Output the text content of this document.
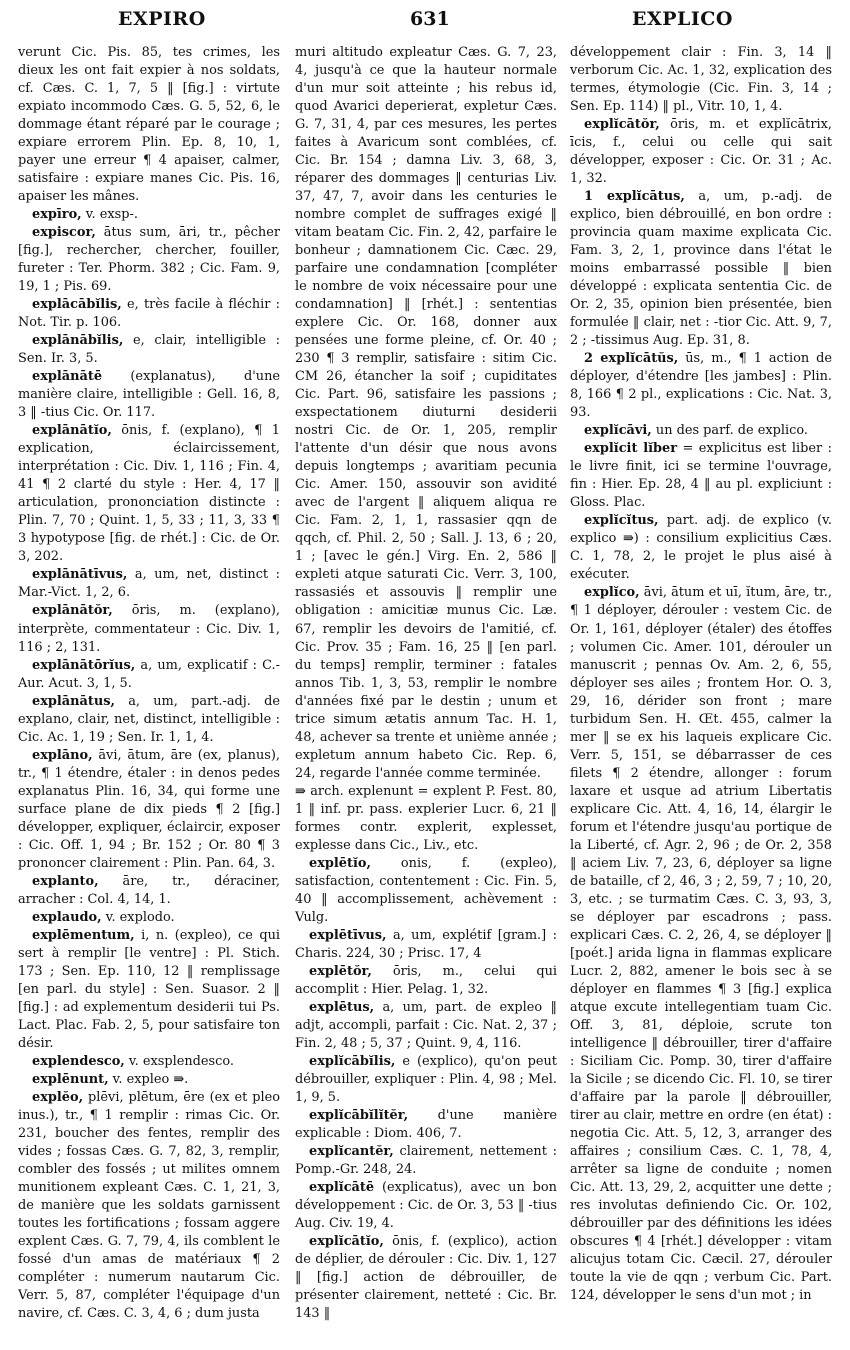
EXPIRO	631	EXPLICO

verunt Cic. Pis. 85, tes crimes, les dieux les ont fait expier à nos soldats, cf. Cæs. C. 1, 7, 5 ‖ [fig.] : virtute expiato incommodo Cæs. G. 5, 52, 6, le dommage étant réparé par le courage ; expiare errorem Plin. Ep. 8, 10, 1, payer une erreur ¶ 4 apaiser, calmer, satisfaire : expiare manes Cic. Pis. 16, apaiser les mânes.

expīro, v. exsp-.

expiscor, ātus sum, āri, tr., pêcher [fig.], rechercher, chercher, fouiller, fureter : Ter. Phorm. 382 ; Cic. Fam. 9, 19, 1 ; Pis. 69.

explācābĭlis, e, très facile à fléchir : Not. Tir. p. 106.

explānābĭlis, e, clair, intelligible : Sen. Ir. 3, 5.

explānātē (explanatus), d'une manière claire, intelligible : Gell. 16, 8, 3 ‖ -tius Cic. Or. 117.

explānātĭo, ōnis, f. (explano), ¶ 1 explication, éclaircissement, interprétation : Cic. Div. 1, 116 ; Fin. 4, 41 ¶ 2 clarté du style : Her. 4, 17 ‖ articulation, prononciation distincte : Plin. 7, 70 ; Quint. 1, 5, 33 ; 11, 3, 33 ¶ 3 hypotypose [fig. de rhét.] : Cic. de Or. 3, 202.

explānātīvus, a, um, net, distinct : Mar.-Vict. 1, 2, 6.

explānātŏr, ōris, m. (explano), interprète, commentateur : Cic. Div. 1, 116 ; 2, 131.

explānātōrĭus, a, um, explicatif : C.-Aur. Acut. 3, 1, 5.

explānātus, a, um, part.-adj. de explano, clair, net, distinct, intelligible : Cic. Ac. 1, 19 ; Sen. Ir. 1, 1, 4.

explāno, āvi, ātum, āre (ex, planus), tr., ¶ 1 étendre, étaler : in denos pedes explanatus Plin. 16, 34, qui forme une surface plane de dix pieds ¶ 2 [fig.] développer, expliquer, éclaircir, exposer : Cic. Off. 1, 94 ; Br. 152 ; Or. 80 ¶ 3 prononcer clairement : Plin. Pan. 64, 3.

explanto, āre, tr., déraciner, arracher : Col. 4, 14, 1.

explaudo, v. explodo.

explēmentum, i, n. (expleo), ce qui sert à remplir [le ventre] : Pl. Stich. 173 ; Sen. Ep. 110, 12 ‖ remplissage [en parl. du style] : Sen. Suasor. 2 ‖ [fig.] : ad explementum desiderii tui Ps. Lact. Plac. Fab. 2, 5, pour satisfaire ton désir.

explendesco, v. exsplendesco.

explēnunt, v. expleo ⇛.

explĕo, plēvi, plētum, ēre (ex et pleo inus.), tr., ¶ 1 remplir : rimas Cic. Or. 231, boucher des fentes, remplir des vides ; fossas Cæs. G. 7, 82, 3, remplir, combler des fossés ; ut milites omnem munitionem expleant Cæs. C. 1, 21, 3, de manière que les soldats garnissent toutes les fortifications ; fossam aggere explent Cæs. G. 7, 79, 4, ils comblent le fossé d'un amas de matériaux ¶ 2 compléter : numerum nautarum Cic. Verr. 5, 87, compléter l'équipage d'un navire, cf. Cæs. C. 3, 4, 6 ; dum justa

muri altitudo expleatur Cæs. G. 7, 23, 4, jusqu'à ce que la hauteur normale d'un mur soit atteinte ; his rebus id, quod Avarici deperierat, expletur Cæs. G. 7, 31, 4, par ces mesures, les pertes faites à Avaricum sont comblées, cf. Cic. Br. 154 ; damna Liv. 3, 68, 3, réparer des dommages ‖ centurias Liv. 37, 47, 7, avoir dans les centuries le nombre complet de suffrages exigé ‖ vitam beatam Cic. Fin. 2, 42, parfaire le bonheur ; damnationem Cic. Cæc. 29, parfaire une condamnation [compléter le nombre de voix nécessaire pour une condamnation] ‖ [rhét.] : sententias explere Cic. Or. 168, donner aux pensées une forme pleine, cf. Or. 40 ; 230 ¶ 3 remplir, satisfaire : sitim Cic. CM 26, étancher la soif ; cupiditates Cic. Part. 96, satisfaire les passions ; exspectationem diuturni desiderii nostri Cic. de Or. 1, 205, remplir l'attente d'un désir que nous avons depuis longtemps ; avaritiam pecunia Cic. Amer. 150, assouvir son avidité avec de l'argent ‖ aliquem aliqua re Cic. Fam. 2, 1, 1, rassasier qqn de qqch, cf. Phil. 2, 50 ; Sall. J. 13, 6 ; 20, 1 ; [avec le gén.] Virg. En. 2, 586 ‖ expleti atque saturati Cic. Verr. 3, 100, rassasiés et assouvis ‖ remplir une obligation : amicitiæ munus Cic. Læ. 67, remplir les devoirs de l'amitié, cf. Cic. Prov. 35 ; Fam. 16, 25 ‖ [en parl. du temps] remplir, terminer : fatales annos Tib. 1, 3, 53, remplir le nombre d'années fixé par le destin ; unum et trice simum ætatis annum Tac. H. 1, 48, achever sa trente et unième année ; expletum annum habeto Cic. Rep. 6, 24, regarde l'année comme terminée.

⇛ arch. explenunt = explent P. Fest. 80, 1 ‖ inf. pr. pass. explerier Lucr. 6, 21 ‖ formes contr. explerit, explesset, explesse dans Cic., Liv., etc.

explētĭo, onis, f. (expleo), satisfaction, contentement : Cic. Fin. 5, 40 ‖ accomplissement, achèvement : Vulg.

explētīvus, a, um, explétif [gram.] : Charis. 224, 30 ; Prisc. 17, 4

explētŏr, ōris, m., celui qui accomplit : Hier. Pelag. 1, 32.

explētus, a, um, part. de expleo ‖ adjt, accompli, parfait : Cic. Nat. 2, 37 ; Fin. 2, 48 ; 5, 37 ; Quint. 9, 4, 116.

explĭcābĭlis, e (explico), qu'on peut débrouiller, expliquer : Plin. 4, 98 ; Mel. 1, 9, 5.

explĭcābĭlĭtĕr, d'une manière explicable : Diom. 406, 7.

explĭcantĕr, clairement, nettement : Pomp.-Gr. 248, 24.

explĭcātē (explicatus), avec un bon développement : Cic. de Or. 3, 53 ‖ -tius Aug. Civ. 19, 4.

explĭcātĭo, ōnis, f. (explico), action de déplier, de dérouler : Cic. Div. 1, 127 ‖ [fig.] action de débrouiller, de présenter clairement, netteté : Cic. Br. 143 ‖

développement clair : Fin. 3, 14 ‖ verborum Cic. Ac. 1, 32, explication des termes, étymologie (Cic. Fin. 3, 14 ; Sen. Ep. 114) ‖ pl., Vitr. 10, 1, 4.

explĭcātŏr, ōris, m. et explĭcātrix, īcis, f., celui ou celle qui sait développer, exposer : Cic. Or. 31 ; Ac. 1, 32.

1 explĭcātus, a, um, p.-adj. de explico, bien débrouillé, en bon ordre : provincia quam maxime explicata Cic. Fam. 3, 2, 1, province dans l'état le moins embarrassé possible ‖ bien développé : explicata sententia Cic. de Or. 2, 35, opinion bien présentée, bien formulée ‖ clair, net : -tior Cic. Att. 9, 7, 2 ; -tissimus Aug. Ep. 31, 8.

2 explĭcātŭs, ūs, m., ¶ 1 action de déployer, d'étendre [les jambes] : Plin. 8, 166 ¶ 2 pl., explications : Cic. Nat. 3, 93.

explĭcāvi, un des parf. de explico.

explĭcit lĭber = explicitus est liber : le livre finit, ici se termine l'ouvrage, fin : Hier. Ep. 28, 4 ‖ au pl. expliciunt : Gloss. Plac.

explĭcĭtus, part. adj. de explico (v. explico ⇛) : consilium explicitius Cæs. C. 1, 78, 2, le projet le plus aisé à exécuter.

explĭco, āvi, ātum et uī, ĭtum, āre, tr., ¶ 1 déployer, dérouler : vestem Cic. de Or. 1, 161, déployer (étaler) des étoffes ; volumen Cic. Amer. 101, dérouler un manuscrit ; pennas Ov. Am. 2, 6, 55, déployer ses ailes ; frontem Hor. O. 3, 29, 16, dérider son front ; mare turbidum Sen. H. Œt. 455, calmer la mer ‖ se ex his laqueis explicare Cic. Verr. 5, 151, se débarrasser de ces filets ¶ 2 étendre, allonger : forum laxare et usque ad atrium Libertatis explicare Cic. Att. 4, 16, 14, élargir le forum et l'étendre jusqu'au portique de la Liberté, cf. Agr. 2, 96 ; de Or. 2, 358 ‖ aciem Liv. 7, 23, 6, déployer sa ligne de bataille, cf 2, 46, 3 ; 2, 59, 7 ; 10, 20, 3, etc. ; se turmatim Cæs. C. 3, 93, 3, se déployer par escadrons ; pass. explicari Cæs. C. 2, 26, 4, se déployer ‖ [poét.] arida ligna in flammas explicare Lucr. 2, 882, amener le bois sec à se déployer en flammes ¶ 3 [fig.] explica atque excute intellegentiam tuam Cic. Off. 3, 81, déploie, scrute ton intelligence ‖ débrouiller, tirer d'affaire : Siciliam Cic. Pomp. 30, tirer d'affaire la Sicile ; se dicendo Cic. Fl. 10, se tirer d'affaire par la parole ‖ débrouiller, tirer au clair, mettre en ordre (en état) : negotia Cic. Att. 5, 12, 3, arranger des affaires ; consilium Cæs. C. 1, 78, 4, arrêter sa ligne de conduite ; nomen Cic. Att. 13, 29, 2, acquitter une dette ; res involutas definiendo Cic. Or. 102, débrouiller par des définitions les idées obscures ¶ 4 [rhét.] développer : vitam alicujus totam Cic. Cæcil. 27, dérouler toute la vie de qqn ; verbum Cic. Part. 124, développer le sens d'un mot ; in
